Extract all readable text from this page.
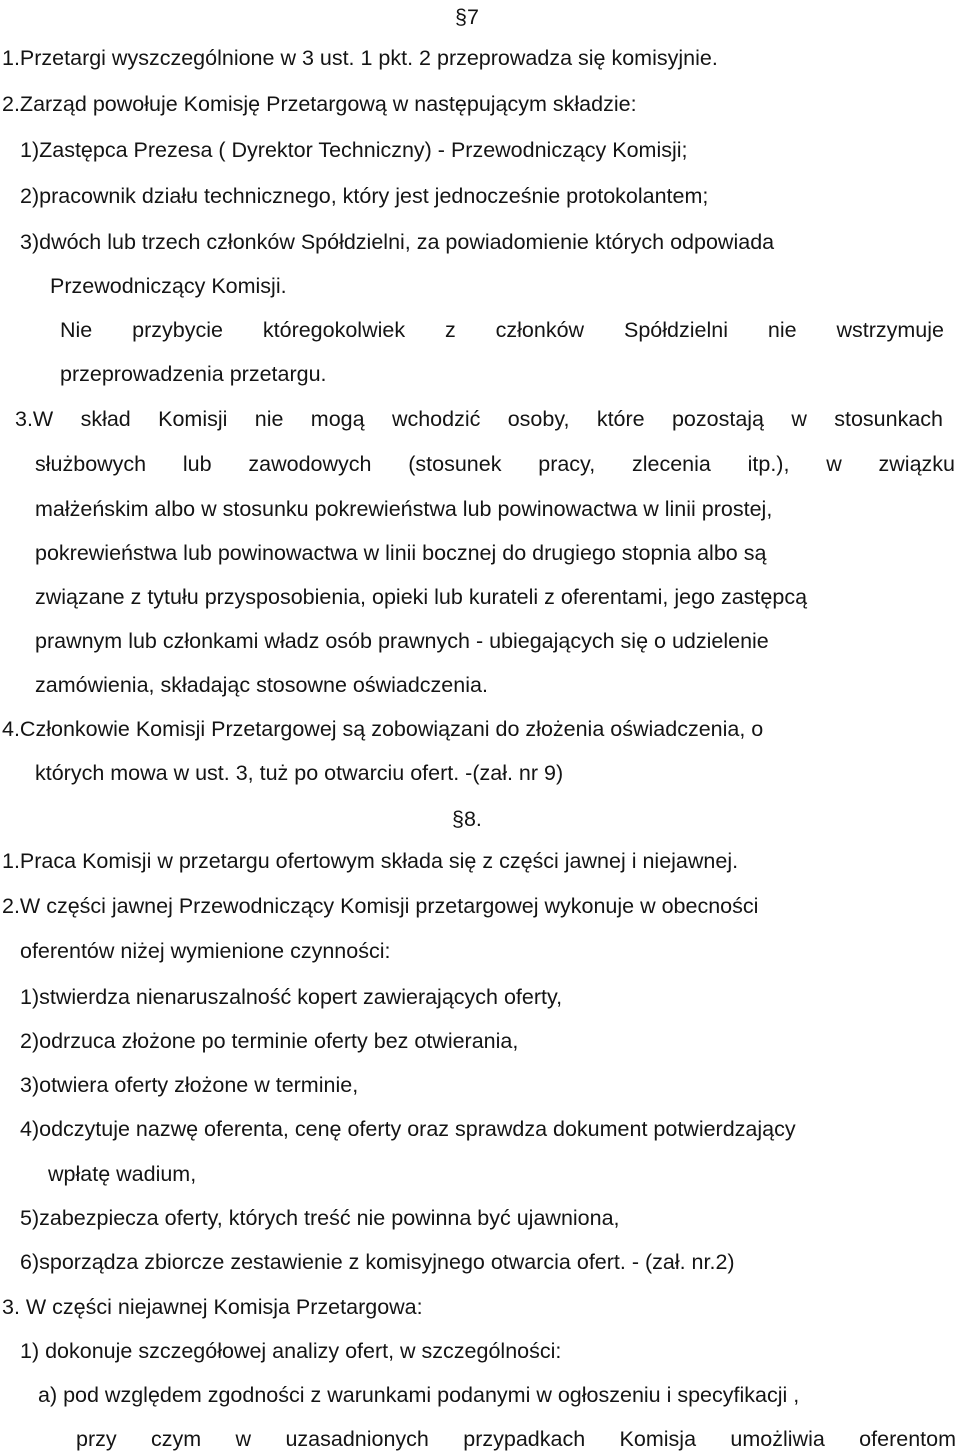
§7
1.Przetargi wyszczególnione w 3 ust. 1 pkt. 2 przeprowadza się komisyjnie.
2.Zarząd powołuje Komisję Przetargową w następującym składzie:
1)Zastępca Prezesa ( Dyrektor Techniczny) - Przewodniczący Komisji;
2)pracownik działu technicznego, który jest jednocześnie protokolantem;
3)dwóch lub trzech członków Spółdzielni, za powiadomienie których odpowiada
Przewodniczący Komisji.
Nie przybycie któregokolwiek z członków Spółdzielni nie wstrzymuje
przeprowadzenia przetargu.
3.W skład Komisji nie mogą wchodzić osoby, które pozostają w stosunkach
służbowych lub zawodowych (stosunek pracy, zlecenia itp.), w związku
małżeńskim albo w stosunku pokrewieństwa lub powinowactwa w linii prostej,
pokrewieństwa lub powinowactwa w linii bocznej do drugiego stopnia albo są
związane z tytułu przysposobienia, opieki lub kurateli z oferentami, jego zastępcą
prawnym lub członkami władz osób prawnych - ubiegających się o udzielenie
zamówienia, składając stosowne oświadczenia.
4.Członkowie Komisji Przetargowej są zobowiązani do złożenia oświadczenia, o
których mowa w ust. 3, tuż po otwarciu ofert. -(zał. nr 9)
§8.
1.Praca Komisji w przetargu ofertowym składa się z części jawnej i niejawnej.
2.W części jawnej Przewodniczący Komisji przetargowej wykonuje w obecności
oferentów niżej wymienione czynności:
1)stwierdza nienaruszalność kopert zawierających oferty,
2)odrzuca złożone po terminie oferty bez otwierania,
3)otwiera oferty złożone w terminie,
4)odczytuje nazwę oferenta, cenę oferty oraz sprawdza dokument potwierdzający
wpłatę wadium,
5)zabezpiecza oferty, których treść nie powinna być ujawniona,
6)sporządza zbiorcze zestawienie z komisyjnego otwarcia ofert. - (zał. nr.2)
3. W części niejawnej Komisja Przetargowa:
1) dokonuje szczegółowej analizy ofert, w szczególności:
a) pod względem zgodności z warunkami podanymi w ogłoszeniu i specyfikacji ,
przy czym w uzasadnionych przypadkach Komisja umożliwia oferentom
